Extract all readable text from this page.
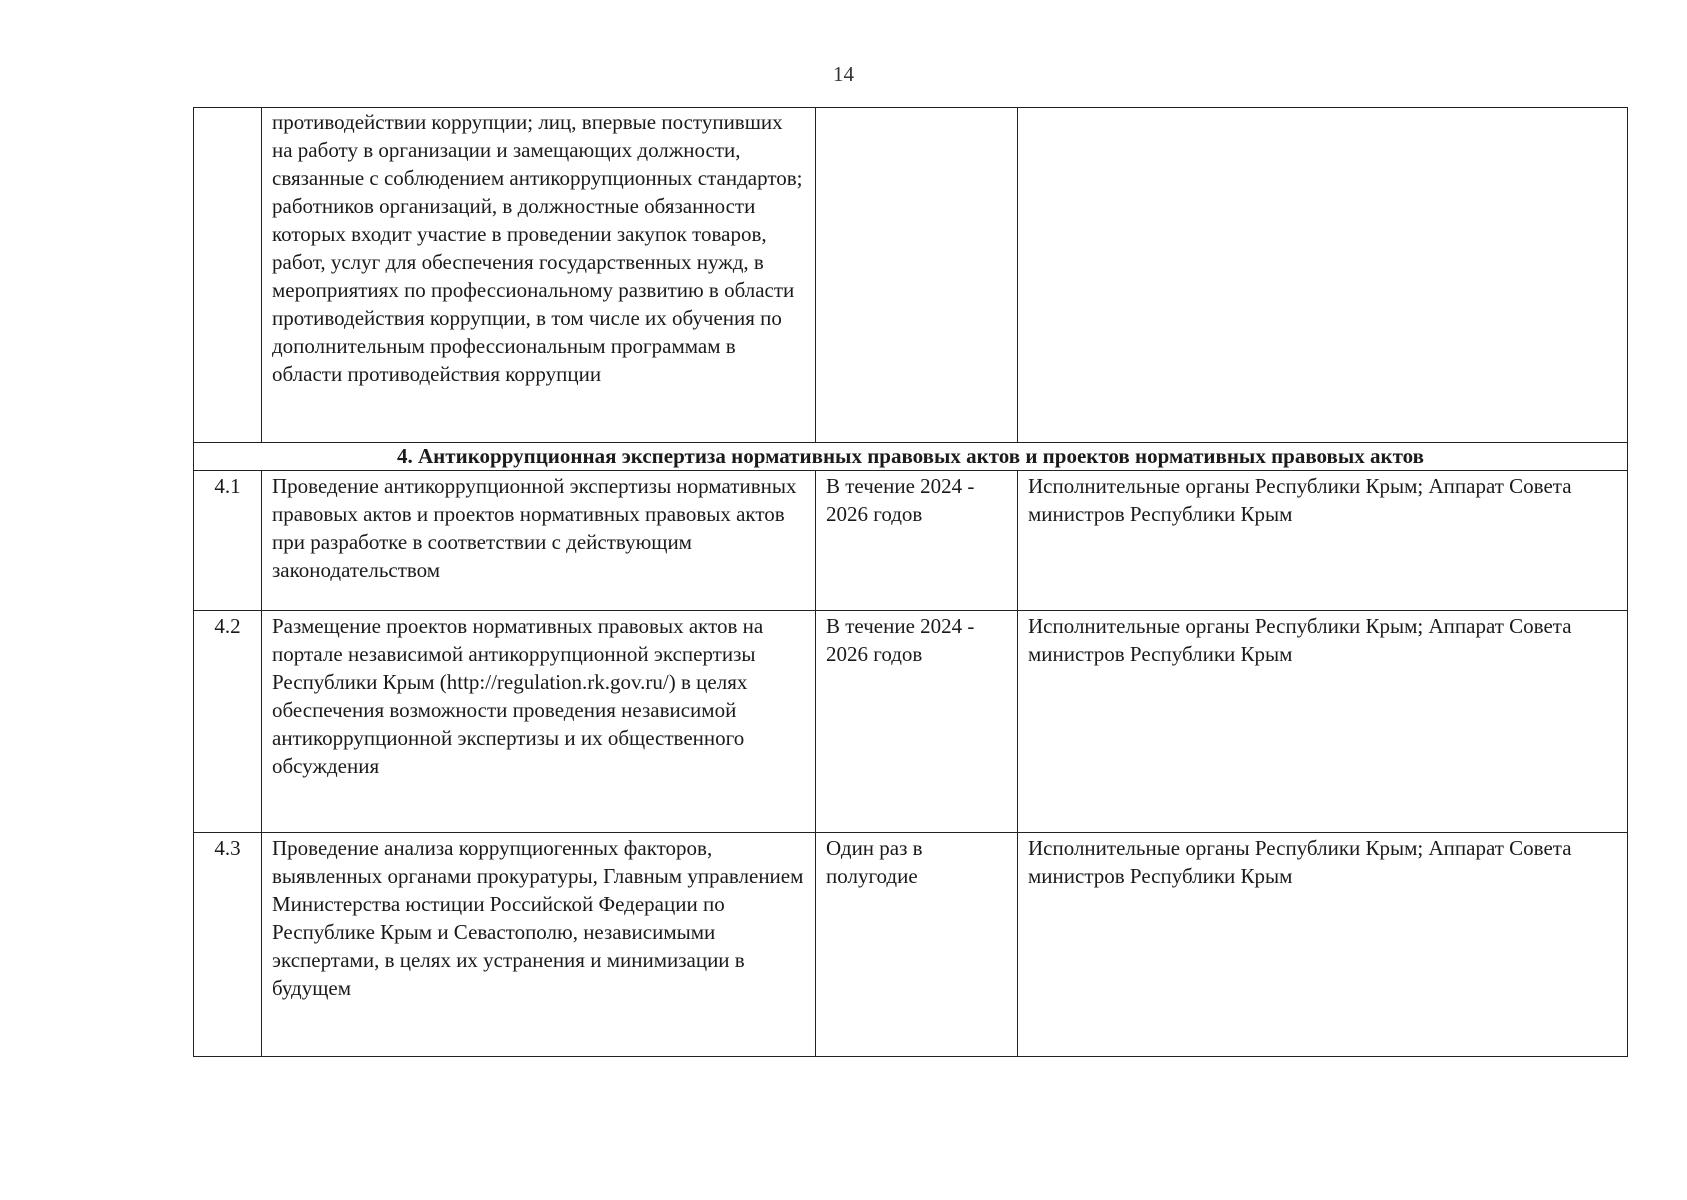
14

	противодействии коррупции; лиц, впервые поступивших на работу в организации и замещающих должности, связанные с соблюдением антикоррупционных стандартов; работников организаций, в должностные обязанности которых входит участие в проведении закупок товаров, работ, услуг для обеспечения государственных нужд, в мероприятиях по профессиональному развитию в области противодействия коррупции, в том числе их обучения по дополнительным профессиональным программам в области противодействия коррупции		

4. Антикоррупционная экспертиза нормативных правовых актов и проектов нормативных правовых актов			
4.1	Проведение антикоррупционной экспертизы нормативных правовых актов и проектов нормативных правовых актов при разработке в соответствии с действующим законодательством	В течение 2024 - 2026 годов	Исполнительные органы Республики Крым; Аппарат Совета министров Республики Крым
4.2	Размещение проектов нормативных правовых актов на портале независимой антикоррупционной экспертизы Республики Крым (http://regulation.rk.gov.ru/) в целях обеспечения возможности проведения независимой антикоррупционной экспертизы и их общественного обсуждения	В течение 2024 - 2026 годов	Исполнительные органы Республики Крым; Аппарат Совета министров Республики Крым
4.3	Проведение анализа коррупциогенных факторов, выявленных органами прокуратуры, Главным управлением Министерства юстиции Российской Федерации по Республике Крым и Севастополю, независимыми экспертами, в целях их устранения и минимизации в будущем	Один раз в полугодие	Исполнительные органы Республики Крым; Аппарат Совета министров Республики Крым
